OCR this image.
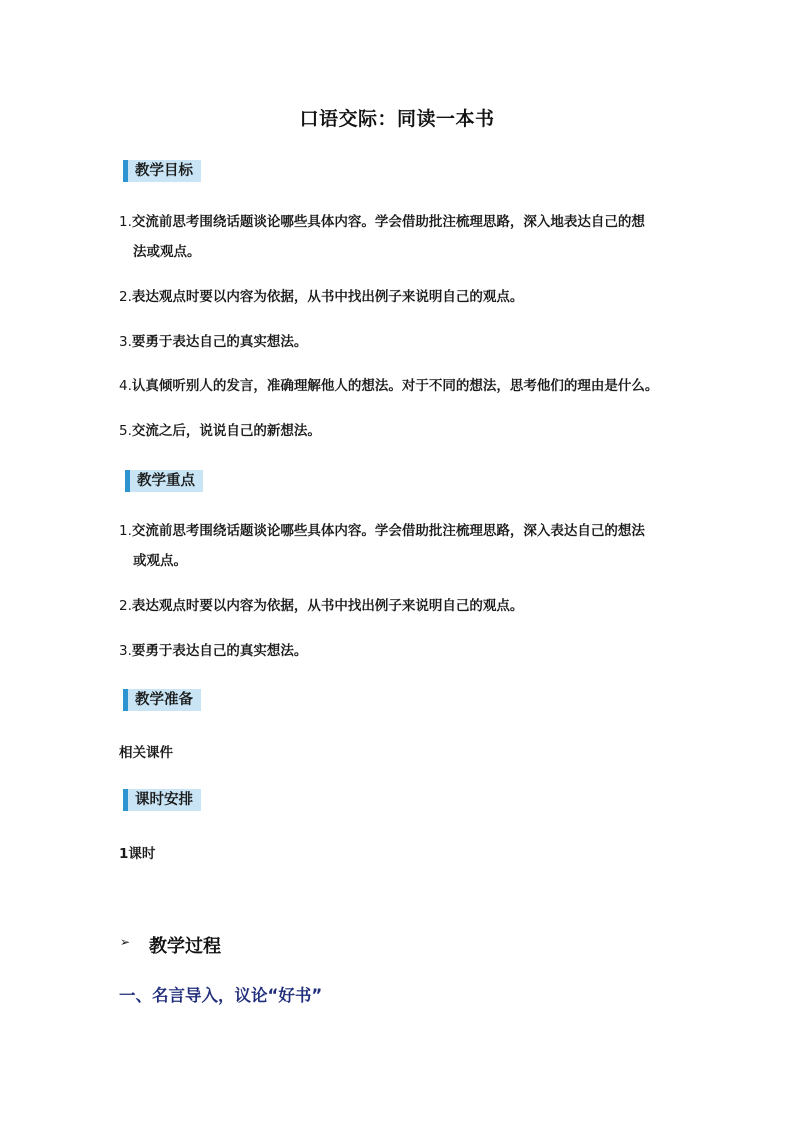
口语交际：同读一本书
教学目标
1.交流前思考围绕话题谈论哪些具体内容。学会借助批注梳理思路，深入地表达自己的想
法或观点。
2.表达观点时要以内容为依据，从书中找出例子来说明自己的观点。
3.要勇于表达自己的真实想法。
4.认真倾听别人的发言，准确理解他人的想法。对于不同的想法，思考他们的理由是什么。
5.交流之后，说说自己的新想法。
教学重点
1.交流前思考围绕话题谈论哪些具体内容。学会借助批注梳理思路，深入表达自己的想法
或观点。
2.表达观点时要以内容为依据，从书中找出例子来说明自己的观点。
3.要勇于表达自己的真实想法。
教学准备
相关课件
课时安排
1课时
➢ 教学过程
一、名言导入，议论“好书”
